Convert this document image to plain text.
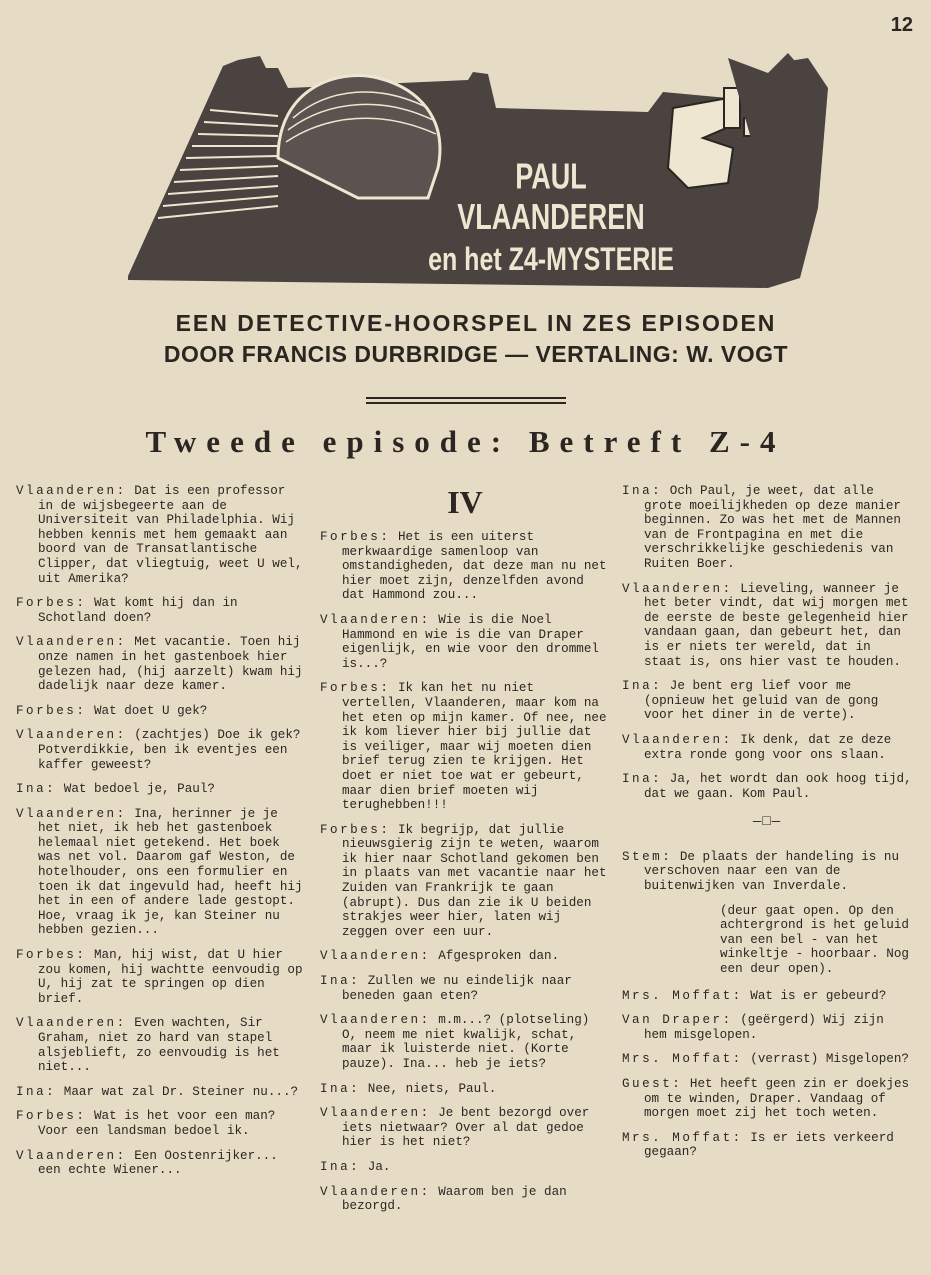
12
PAUL VLAANDEREN
en het Z4-MYSTERIE
EEN DETECTIVE-HOORSPEL IN ZES EPISODEN
DOOR FRANCIS DURBRIDGE — VERTALING: W. VOGT
Tweede episode: Betreft Z-4
Vlaanderen: Dat is een professor in de wijsbegeerte aan de Universiteit van Philadelphia. Wij hebben kennis met hem gemaakt aan boord van de Transatlantische Clipper, dat vliegtuig, weet U wel, uit Amerika?
Forbes: Wat komt hij dan in Schotland doen?
Vlaanderen: Met vacantie. Toen hij onze namen in het gastenboek hier gelezen had, (hij aarzelt) kwam hij dadelijk naar deze kamer.
Forbes: Wat doet U gek?
Vlaanderen: (zachtjes) Doe ik gek? Potverdikkie, ben ik eventjes een kaffer geweest?
Ina: Wat bedoel je, Paul?
Vlaanderen: Ina, herinner je je het niet, ik heb het gastenboek helemaal niet getekend. Het boek was net vol. Daarom gaf Weston, de hotelhouder, ons een formulier en toen ik dat ingevuld had, heeft hij het in een of andere lade gestopt. Hoe, vraag ik je, kan Steiner nu hebben gezien...
Forbes: Man, hij wist, dat U hier zou komen, hij wachtte eenvoudig op U, hij zat te springen op dien brief.
Vlaanderen: Even wachten, Sir Graham, niet zo hard van stapel alsjeblieft, zo eenvoudig is het niet...
Ina: Maar wat zal Dr. Steiner nu...?
Forbes: Wat is het voor een man? Voor een landsman bedoel ik.
Vlaanderen: Een Oostenrijker... een echte Wiener...
IV
Forbes: Het is een uiterst merkwaardige samenloop van omstandigheden, dat deze man nu net hier moet zijn, denzelfden avond dat Hammond zou...
Vlaanderen: Wie is die Noel Hammond en wie is die van Draper eigenlijk, en wie voor den drommel is...?
Forbes: Ik kan het nu niet vertellen, Vlaanderen, maar kom na het eten op mijn kamer. Of nee, nee ik kom liever hier bij jullie dat is veiliger, maar wij moeten dien brief terug zien te krijgen. Het doet er niet toe wat er gebeurt, maar dien brief moeten wij terughebben!!!
Forbes: Ik begrijp, dat jullie nieuwsgierig zijn te weten, waarom ik hier naar Schotland gekomen ben in plaats van met vacantie naar het Zuiden van Frankrijk te gaan (abrupt). Dus dan zie ik U beiden strakjes weer hier, laten wij zeggen over een uur.
Vlaanderen: Afgesproken dan.
Ina: Zullen we nu eindelijk naar beneden gaan eten?
Vlaanderen: m.m...? (plotseling) O, neem me niet kwalijk, schat, maar ik luisterde niet. (Korte pauze). Ina... heb je iets?
Ina: Nee, niets, Paul.
Vlaanderen: Je bent bezorgd over iets nietwaar? Over al dat gedoe hier is het niet?
Ina: Ja.
Vlaanderen: Waarom ben je dan bezorgd.
Ina: Och Paul, je weet, dat alle grote moeilijkheden op deze manier beginnen. Zo was het met de Mannen van de Frontpagina en met die verschrikkelijke geschiedenis van Ruiten Boer.
Vlaanderen: Lieveling, wanneer je het beter vindt, dat wij morgen met de eerste de beste gelegenheid hier vandaan gaan, dan gebeurt het, dan is er niets ter wereld, dat in staat is, ons hier vast te houden.
Ina: Je bent erg lief voor me (opnieuw het geluid van de gong voor het diner in de verte).
Vlaanderen: Ik denk, dat ze deze extra ronde gong voor ons slaan.
Ina: Ja, het wordt dan ook hoog tijd, dat we gaan. Kom Paul.
—□—
Stem: De plaats der handeling is nu verschoven naar een van de buitenwijken van Inverdale.
(deur gaat open. Op den achtergrond is het geluid van een bel - van het winkeltje - hoorbaar. Nog een deur open).
Mrs. Moffat: Wat is er gebeurd?
Van Draper: (geërgerd) Wij zijn hem misgelopen.
Mrs. Moffat: (verrast) Misgelopen?
Guest: Het heeft geen zin er doekjes om te winden, Draper. Vandaag of morgen moet zij het toch weten.
Mrs. Moffat: Is er iets verkeerd gegaan?
